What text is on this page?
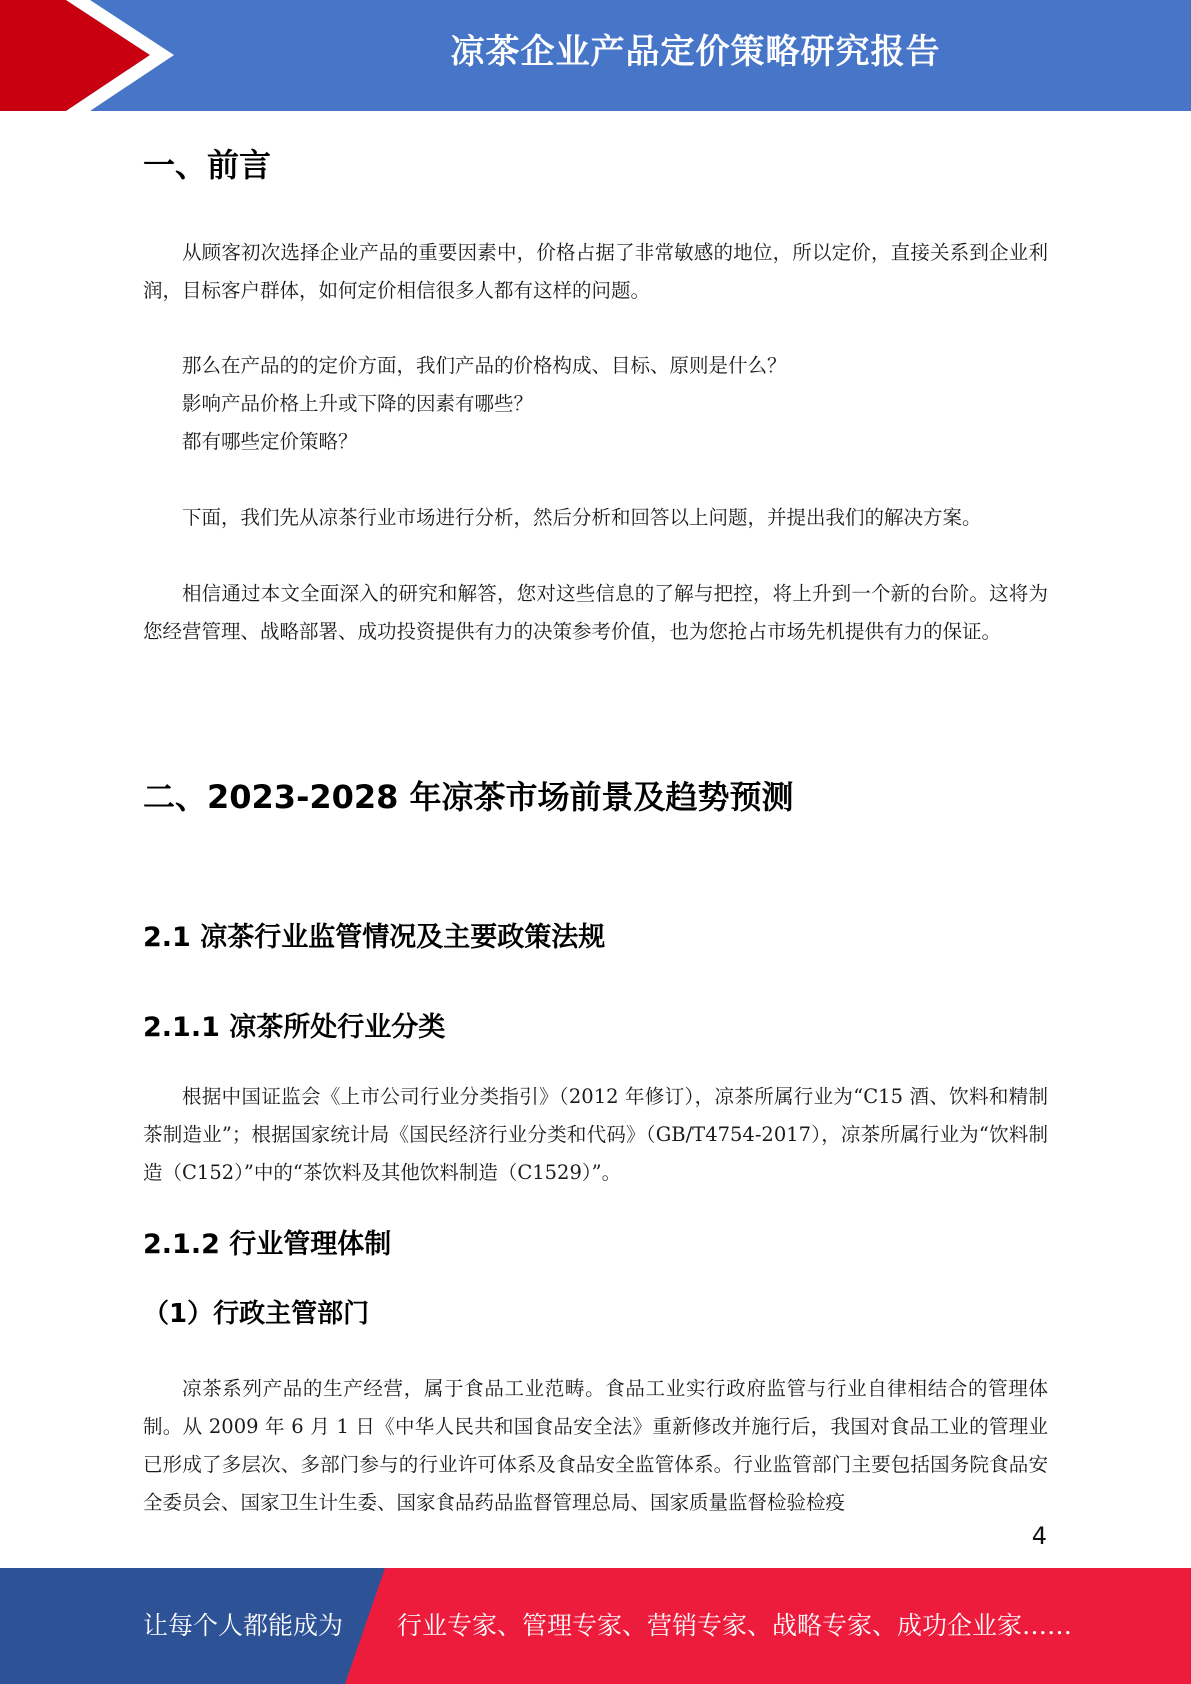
凉茶企业产品定价策略研究报告
一、前言

从顾客初次选择企业产品的重要因素中，价格占据了非常敏感的地位，所以定价，直接关系到企业利润，目标客户群体，如何定价相信很多人都有这样的问题。

那么在产品的的定价方面，我们产品的价格构成、目标、原则是什么？
影响产品价格上升或下降的因素有哪些？
都有哪些定价策略？

下面，我们先从凉茶行业市场进行分析，然后分析和回答以上问题，并提出我们的解决方案。

相信通过本文全面深入的研究和解答，您对这些信息的了解与把控，将上升到一个新的台阶。这将为您经营管理、战略部署、成功投资提供有力的决策参考价值，也为您抢占市场先机提供有力的保证。

二、2023-2028 年凉茶市场前景及趋势预测
2.1 凉茶行业监管情况及主要政策法规
2.1.1 凉茶所处行业分类

根据中国证监会《上市公司行业分类指引》（2012 年修订），凉茶所属行业为“C15 酒、饮料和精制茶制造业”；根据国家统计局《国民经济行业分类和代码》（GB/T4754-2017），凉茶所属行业为“饮料制造（C152）”中的“茶饮料及其他饮料制造（C1529）”。

2.1.2 行业管理体制
（1）行政主管部门

凉茶系列产品的生产经营，属于食品工业范畴。食品工业实行政府监管与行业自律相结合的管理体制。从 2009 年 6 月 1 日《中华人民共和国食品安全法》重新修改并施行后，我国对食品工业的管理业已形成了多层次、多部门参与的行业许可体系及食品安全监管体系。行业监管部门主要包括国务院食品安全委员会、国家卫生计生委、国家食品药品监督管理总局、国家质量监督检验检疫

4
让每个人都能成为 行业专家、管理专家、营销专家、战略专家、成功企业家……
